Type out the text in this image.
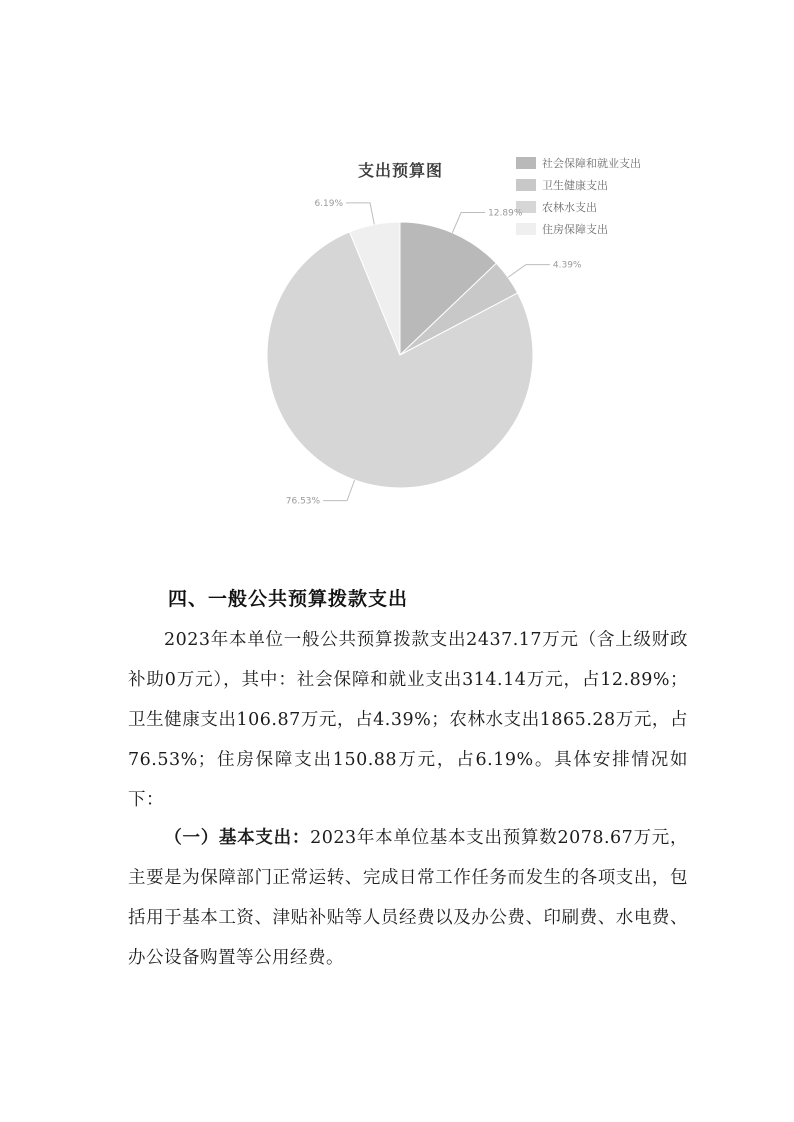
支出预算图	社会保障和就业支出
卫生健康支出
农林水支出
住房保障支出
12.89%
4.39%
76.53%
6.19%
四、一般公共预算拨款支出
2023年本单位一般公共预算拨款支出2437.17万元（含上级财政补助0万元），其中：社会保障和就业支出314.14万元，占12.89%；卫生健康支出106.87万元，占4.39%；农林水支出1865.28万元，占76.53%；住房保障支出150.88万元，占6.19%。具体安排情况如下：
（一）基本支出：2023年本单位基本支出预算数2078.67万元，主要是为保障部门正常运转、完成日常工作任务而发生的各项支出，包括用于基本工资、津贴补贴等人员经费以及办公费、印刷费、水电费、办公设备购置等公用经费。
